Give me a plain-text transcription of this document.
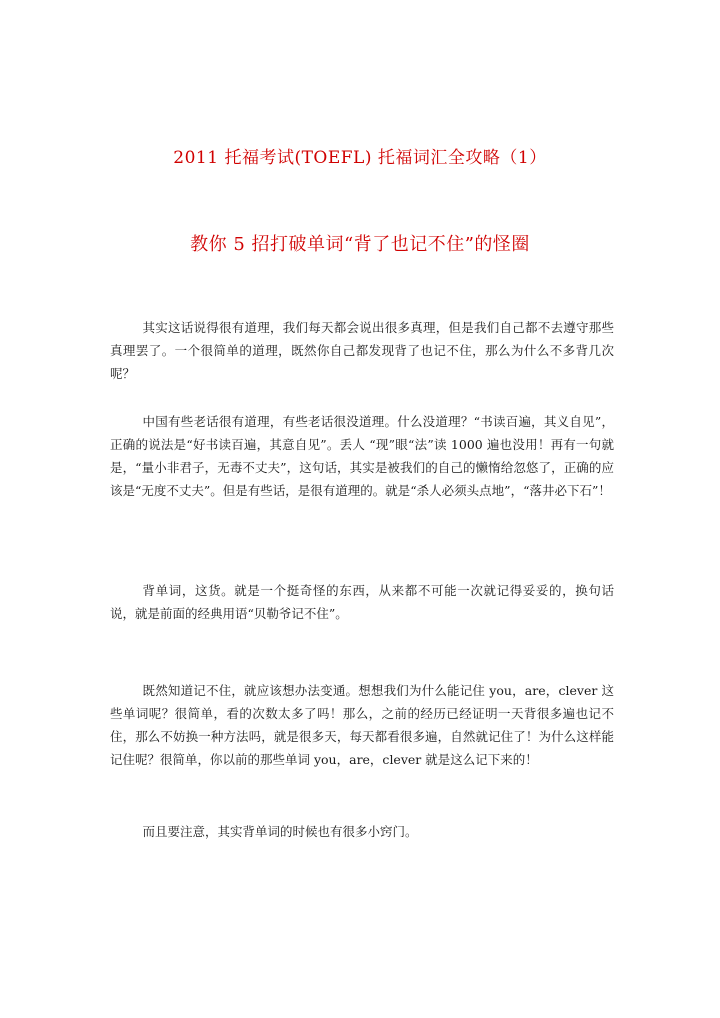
2011 托福考试(TOEFL) 托福词汇全攻略（1）
教你 5 招打破单词“背了也记不住”的怪圈

其实这话说得很有道理，我们每天都会说出很多真理，但是我们自己都不去遵守那些真理罢了。一个很简单的道理，既然你自己都发现背了也记不住，那么为什么不多背几次呢？

中国有些老话很有道理，有些老话很没道理。什么没道理？“书读百遍，其义自见”，正确的说法是“好书读百遍，其意自见”。丢人 “现”眼“法”读 1000 遍也没用！再有一句就是，“量小非君子，无毒不丈夫”，这句话，其实是被我们的自己的懒惰给忽悠了，正确的应该是“无度不丈夫”。但是有些话，是很有道理的。就是“杀人必须头点地”，“落井必下石”！

背单词，这货。就是一个挺奇怪的东西，从来都不可能一次就记得妥妥的，换句话说，就是前面的经典用语“贝勒爷记不住”。

既然知道记不住，就应该想办法变通。想想我们为什么能记住 you，are，clever 这些单词呢？很简单，看的次数太多了吗！那么，之前的经历已经证明一天背很多遍也记不住，那么不妨换一种方法吗，就是很多天，每天都看很多遍，自然就记住了！为什么这样能记住呢？很简单，你以前的那些单词 you，are，clever 就是这么记下来的！

而且要注意，其实背单词的时候也有很多小窍门。
